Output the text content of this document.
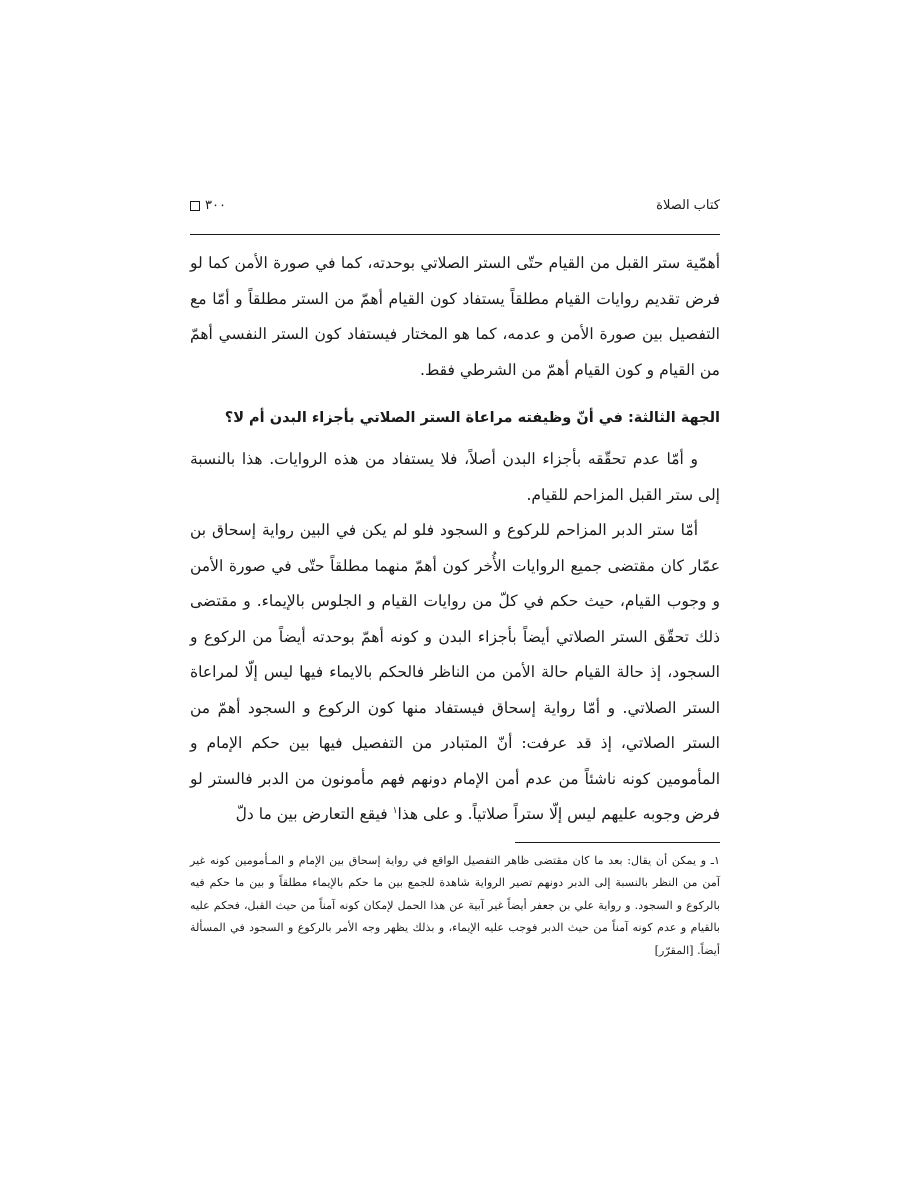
كتاب الصلاة
٣٠٠

أهمّية ستر القبل من القيام حتّى الستر الصلاتي بوحدته، كما في صورة الأمن كما لو فرض تقديم روايات القيام مطلقاً يستفاد كون القيام أهمّ من الستر مطلقاً و أمّا مع التفصيل بين صورة الأمن و عدمه، كما هو المختار فيستفاد كون الستر النفسي أهمّ من القيام و كون القيام أهمّ من الشرطي فقط.

الجهة الثالثة: في أنّ وظيفته مراعاة الستر الصلاتي بأجزاء البدن أم لا؟

و أمّا عدم تحقّقه بأجزاء البدن أصلاً، فلا يستفاد من هذه الروايات. هذا بالنسبة إلى ستر القبل المزاحم للقيام.

أمّا ستر الدبر المزاحم للركوع و السجود فلو لم يكن في البين رواية إسحاق بن عمّار كان مقتضى جميع الروايات الأُخر كون أهمّ منهما مطلقاً حتّى في صورة الأمن و وجوب القيام، حيث حكم في كلّ من روايات القيام و الجلوس بالإيماء. و مقتضى ذلك تحقّق الستر الصلاتي أيضاً بأجزاء البدن و كونه أهمّ بوحدته أيضاً من الركوع و السجود، إذ حالة القيام حالة الأمن من الناظر فالحكم بالايماء فيها ليس إلّا لمراعاة الستر الصلاتي. و أمّا رواية إسحاق فيستفاد منها كون الركوع و السجود أهمّ من الستر الصلاتي، إذ قد عرفت: أنّ المتبادر من التفصيل فيها بين حكم الإمام و المأمومين كونه ناشئاً من عدم أمن الإمام دونهم فهم مأمونون من الدبر فالستر لو فرض وجوبه عليهم ليس إلّا ستراً صلاتياً. و على هذا$^١$ فيقع التعارض بين ما دلّ

١ـ و يمكن أن يقال: بعد ما كان مقتضى ظاهر التفصيل الواقع في رواية إسحاق بين الإمام و المـأمومين كونه غير آمن من النظر بالنسبة إلى الدبر دونهم تصير الرواية شاهدة للجمع بين ما حكم بالإيماء مطلقاً و بين ما حكم فيه بالركوع و السجود. و رواية علي بن جعفر أيضاً غير آبية عن هذا الحمل لإمكان كونه آمناً من حيث القبل، فحكم عليه بالقيام و عدم كونه آمناً من حيث الدبر فوجب عليه الإيماء، و بذلك يظهر وجه الأمر بالركوع و السجود في المسألة أيضاً. [المقرّر]
